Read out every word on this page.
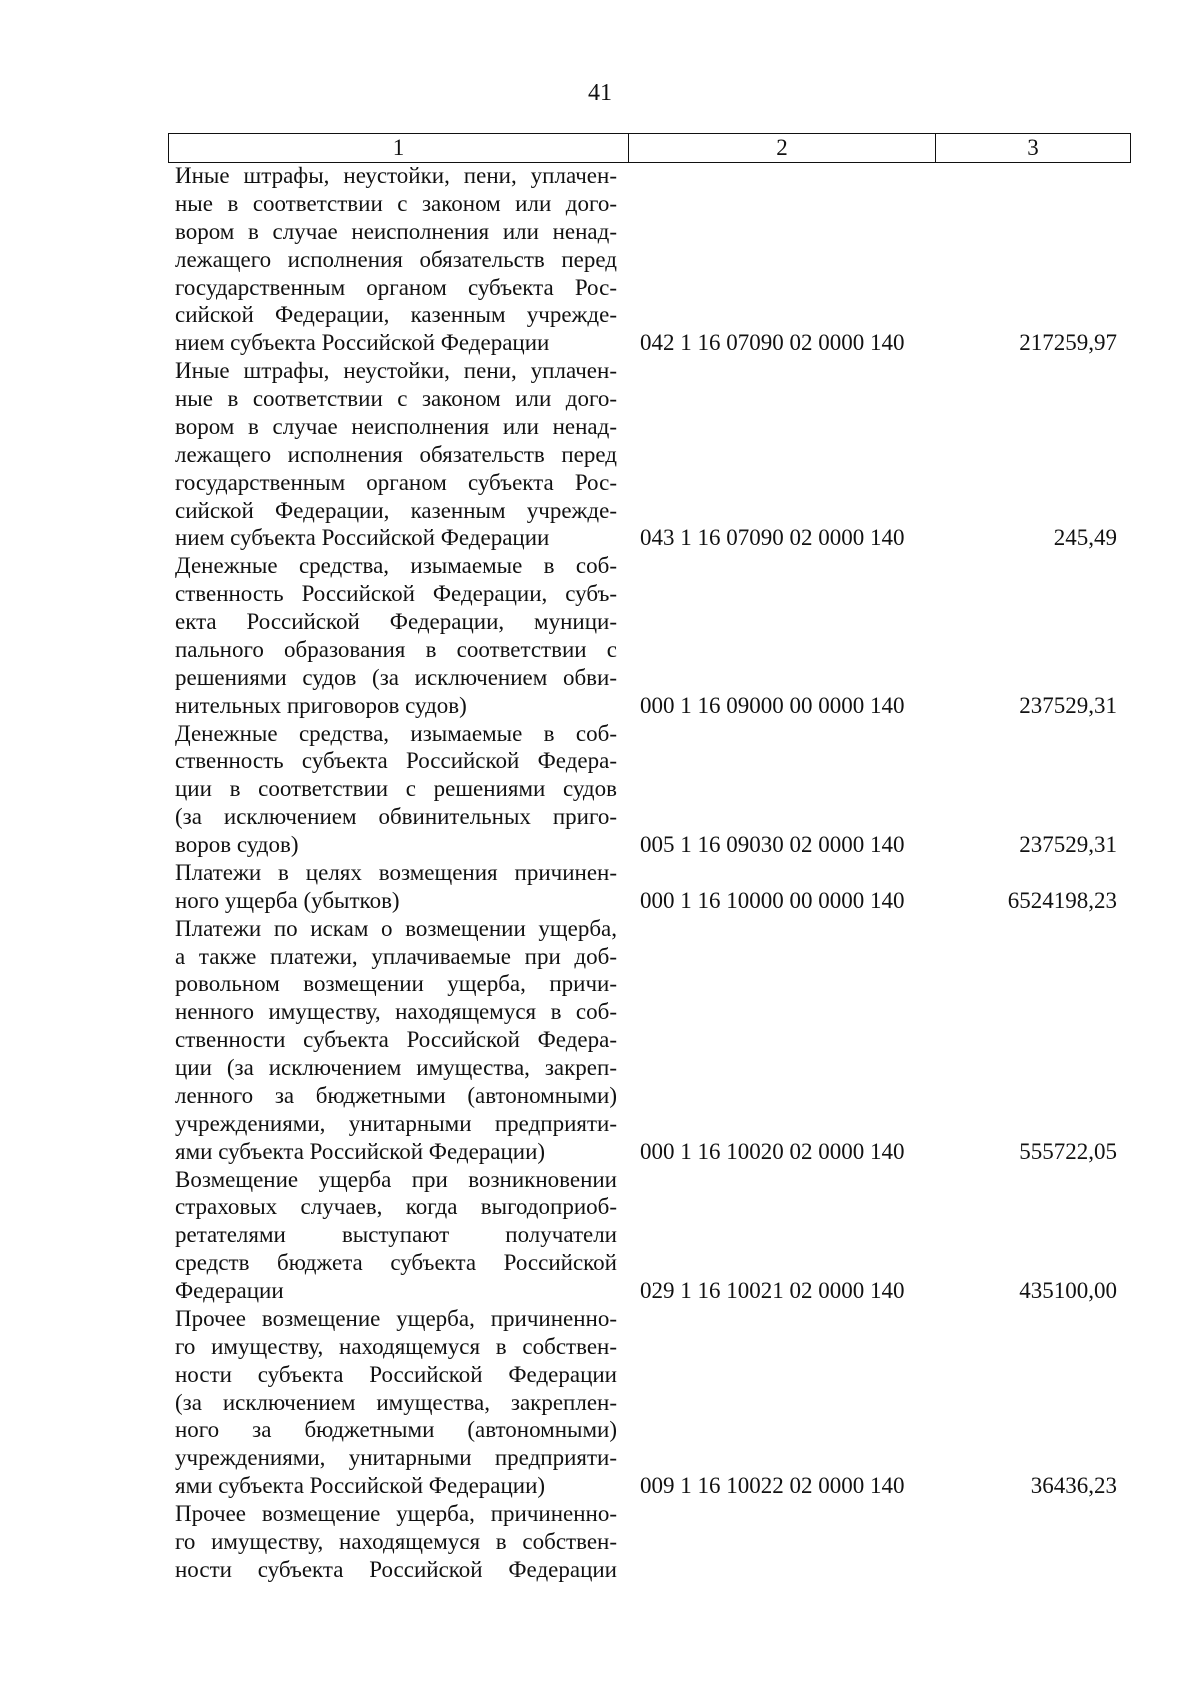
41
1	2	3
Иные штрафы, неустойки, пени, уплачен-
ные в соответствии с законом или дого-
вором в случае неисполнения или ненад-
лежащего исполнения обязательств перед
государственным органом субъекта Рос-
сийской Федерации, казенным учрежде-
нием субъекта Российской Федерации	042 1 16 07090 02 0000 140	217259,97
Иные штрафы, неустойки, пени, уплачен-
ные в соответствии с законом или дого-
вором в случае неисполнения или ненад-
лежащего исполнения обязательств перед
государственным органом субъекта Рос-
сийской Федерации, казенным учрежде-
нием субъекта Российской Федерации	043 1 16 07090 02 0000 140	245,49
Денежные средства, изымаемые в соб-
ственность Российской Федерации, субъ-
екта Российской Федерации, муници-
пального образования в соответствии с
решениями судов (за исключением обви-
нительных приговоров судов)	000 1 16 09000 00 0000 140	237529,31
Денежные средства, изымаемые в соб-
ственность субъекта Российской Федера-
ции в соответствии с решениями судов
(за исключением обвинительных приго-
воров судов)	005 1 16 09030 02 0000 140	237529,31
Платежи в целях возмещения причинен-
ного ущерба (убытков)	000 1 16 10000 00 0000 140	6524198,23
Платежи по искам о возмещении ущерба,
а также платежи, уплачиваемые при доб-
ровольном возмещении ущерба, причи-
ненного имуществу, находящемуся в соб-
ственности субъекта Российской Федера-
ции (за исключением имущества, закреп-
ленного за бюджетными (автономными)
учреждениями, унитарными предприяти-
ями субъекта Российской Федерации)	000 1 16 10020 02 0000 140	555722,05
Возмещение ущерба при возникновении
страховых случаев, когда выгодоприоб-
ретателями выступают получатели
средств бюджета субъекта Российской
Федерации	029 1 16 10021 02 0000 140	435100,00
Прочее возмещение ущерба, причиненно-
го имуществу, находящемуся в собствен-
ности субъекта Российской Федерации
(за исключением имущества, закреплен-
ного за бюджетными (автономными)
учреждениями, унитарными предприяти-
ями субъекта Российской Федерации)	009 1 16 10022 02 0000 140	36436,23
Прочее возмещение ущерба, причиненно-
го имуществу, находящемуся в собствен-
ности субъекта Российской Федерации
